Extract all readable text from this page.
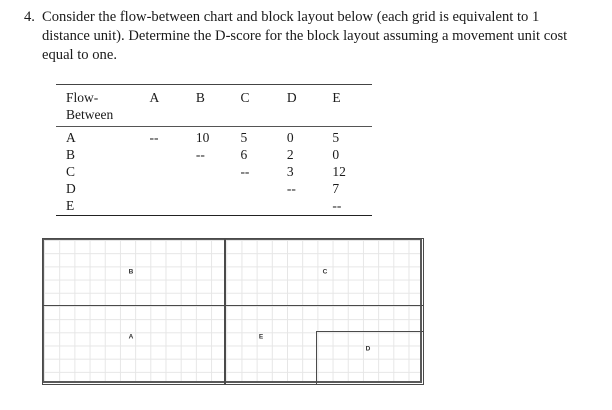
4. Consider the flow-between chart and block layout below (each grid is equivalent to 1 distance unit). Determine the D-score for the block layout assuming a movement unit cost equal to one.
Flow-	A	B	C	D	E
Between					
A	--	10	5	0	5
B		--	6	2	0
C			--	3	12
D				--	7
E					--
B	C
A	E
D
